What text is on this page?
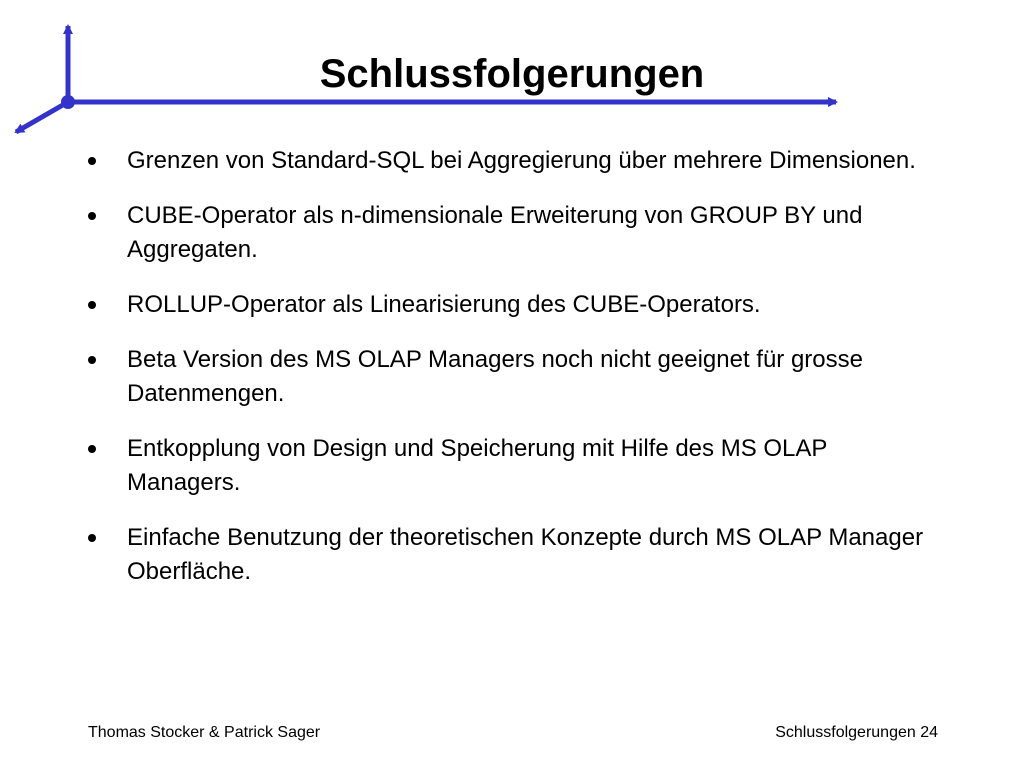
Schlussfolgerungen
Grenzen von Standard-SQL bei Aggregierung über mehrere Dimensionen.
CUBE-Operator als n-dimensionale Erweiterung von GROUP BY und Aggregaten.
ROLLUP-Operator als Linearisierung des CUBE-Operators.
Beta Version des MS OLAP Managers noch nicht geeignet für grosse Datenmengen.
Entkopplung von Design und Speicherung mit Hilfe des MS OLAP Managers.
Einfache Benutzung der theoretischen Konzepte durch MS OLAP Manager Oberfläche.
Thomas Stocker & Patrick Sager	Schlussfolgerungen 24
